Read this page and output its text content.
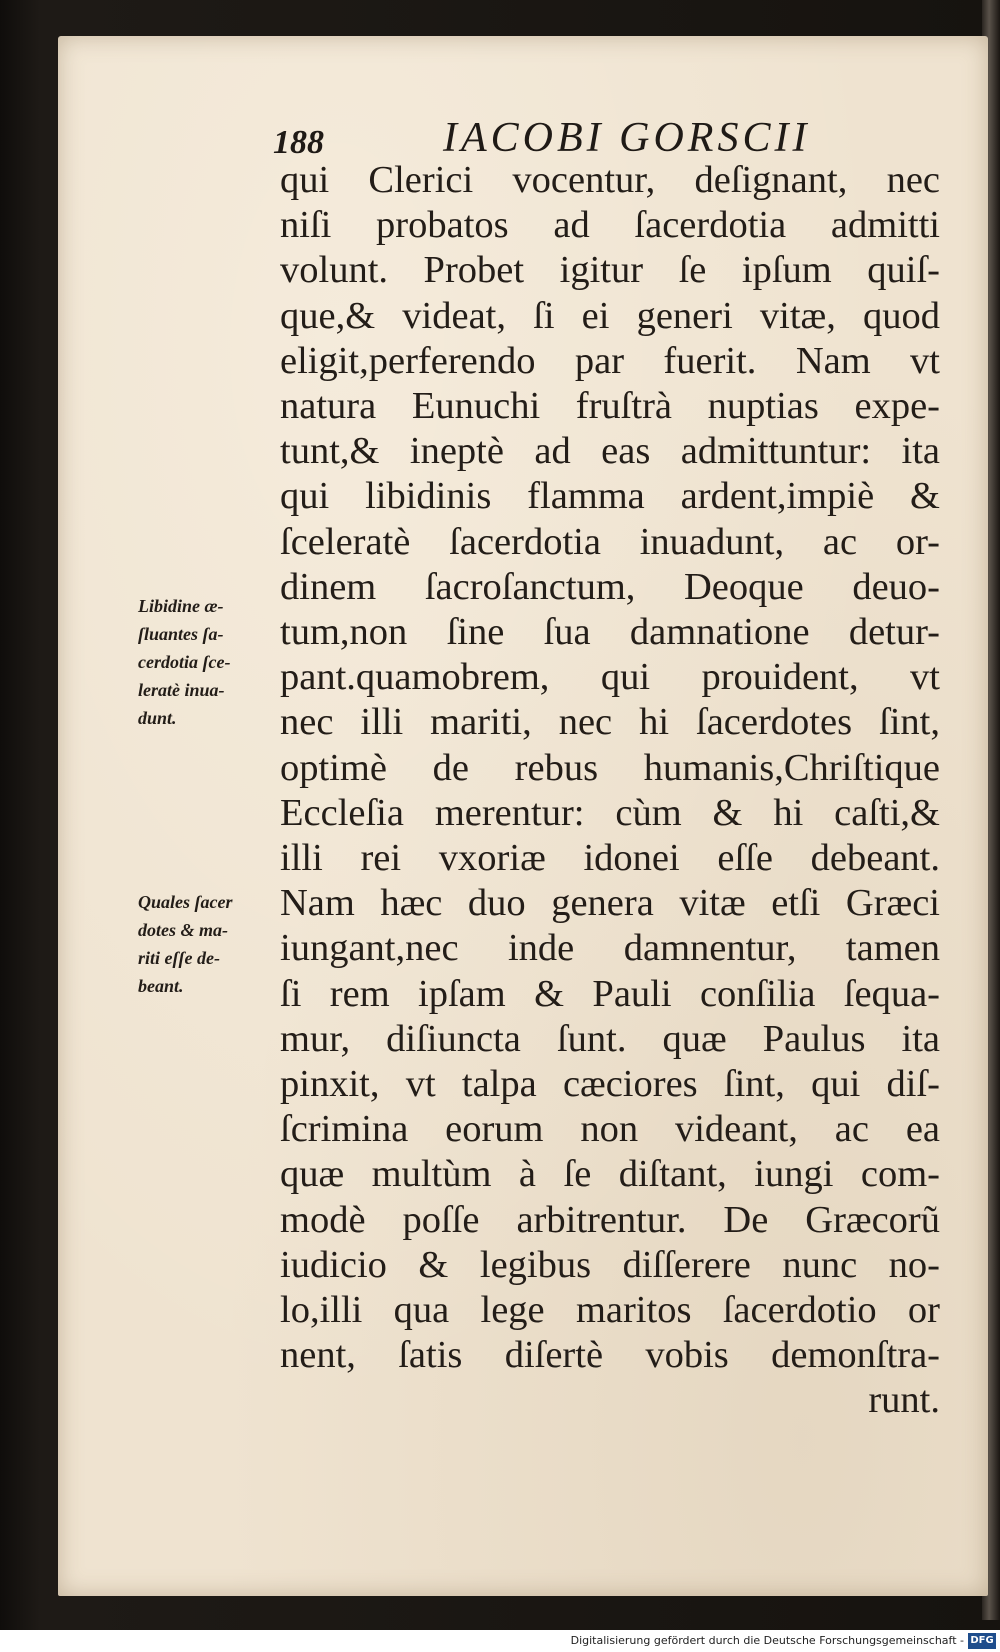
188	IACOBI GORSCII
qui Clerici vocentur, deſignant, nec
niſi probatos ad ſacerdotia admitti
volunt. Probet igitur ſe ipſum quiſ-
que,& videat, ſi ei generi vitæ, quod
eligit,perferendo par fuerit. Nam vt
natura Eunuchi fruſtrà nuptias expe-
tunt,& ineptè ad eas admittuntur: ita
qui libidinis flamma ardent,impiè &
ſceleratè ſacerdotia inuadunt, ac or-
dinem ſacroſanctum, Deoque deuo-
tum,non ſine ſua damnatione detur-
pant.quamobrem, qui prouident, vt
nec illi mariti, nec hi ſacerdotes ſint,
optimè de rebus humanis,Chriſtique
Eccleſia merentur: cùm & hi caſti,&
illi rei vxoriæ idonei eſſe debeant.
Nam hæc duo genera vitæ etſi Græci
iungant,nec inde damnentur, tamen
ſi rem ipſam & Pauli conſilia ſequa-
mur, diſiuncta ſunt. quæ Paulus ita
pinxit, vt talpa cæciores ſint, qui diſ-
ſcrimina eorum non videant, ac ea
quæ multùm à ſe diſtant, iungi com-
modè poſſe arbitrentur. De Græcorũ
iudicio & legibus diſſerere nunc no-
lo,illi qua lege maritos ſacerdotio or
nent, ſatis diſertè vobis demonſtra-
runt.
Libidine æ-
ſluantes ſa-
cerdotia ſce-
leratè inua-
dunt.
Quales ſacer
dotes & ma-
riti eſſe de-
beant.
Digitalisierung gefördert durch die Deutsche Forschungsgemeinschaft - DFG
